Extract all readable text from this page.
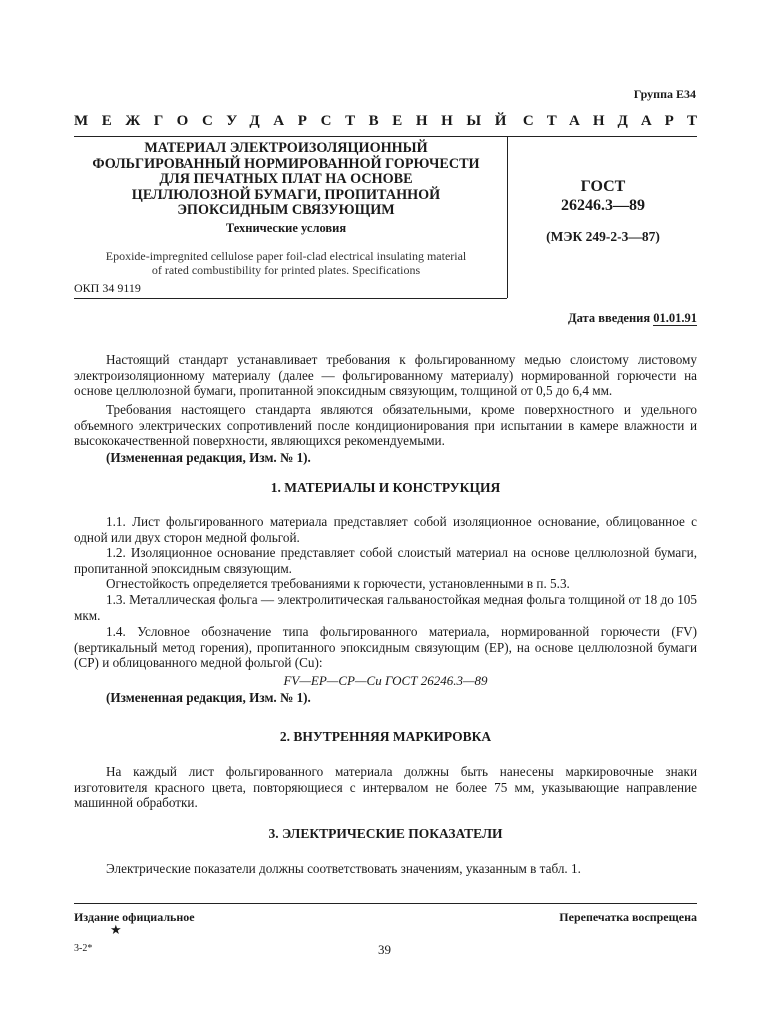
Группа Е34
МЕЖГОСУДАРСТВЕННЫЙ СТАНДАРТ
МАТЕРИАЛ ЭЛЕКТРОИЗОЛЯЦИОННЫЙ
ФОЛЬГИРОВАННЫЙ НОРМИРОВАННОЙ ГОРЮЧЕСТИ
ДЛЯ ПЕЧАТНЫХ ПЛАТ НА ОСНОВЕ
ЦЕЛЛЮЛОЗНОЙ БУМАГИ, ПРОПИТАННОЙ
ЭПОКСИДНЫМ СВЯЗУЮЩИМ
Технические условия
Epoxide-impregnited cellulose paper foil-clad electrical insulating material
of rated combustibility for printed plates. Specifications
ОКП 34 9119
ГОСТ
26246.3—89
(МЭК 249-2-3—87)
Дата введения 01.01.91
Настоящий стандарт устанавливает требования к фольгированному медью слоистому листовому электроизоляционному материалу (далее — фольгированному материалу) нормированной горючести на основе целлюлозной бумаги, пропитанной эпоксидным связующим, толщиной от 0,5 до 6,4 мм.
Требования настоящего стандарта являются обязательными, кроме поверхностного и удельного объемного электрических сопротивлений после кондиционирования при испытании в камере влажности и высококачественной поверхности, являющихся рекомендуемыми.
(Измененная редакция, Изм. № 1).
1. МАТЕРИАЛЫ И КОНСТРУКЦИЯ
1.1. Лист фольгированного материала представляет собой изоляционное основание, облицованное с одной или двух сторон медной фольгой.
1.2. Изоляционное основание представляет собой слоистый материал на основе целлюлозной бумаги, пропитанной эпоксидным связующим.
Огнестойкость определяется требованиями к горючести, установленными в п. 5.3.
1.3. Металлическая фольга — электролитическая гальваностойкая медная фольга толщиной от 18 до 105 мкм.
1.4. Условное обозначение типа фольгированного материала, нормированной горючести (FV) (вертикальный метод горения), пропитанного эпоксидным связующим (ЕР), на основе целлюлозной бумаги (СР) и облицованного медной фольгой (Cu):
FV—EP—CP—Cu ГОСТ 26246.3—89
(Измененная редакция, Изм. № 1).
2. ВНУТРЕННЯЯ МАРКИРОВКА
На каждый лист фольгированного материала должны быть нанесены маркировочные знаки изготовителя красного цвета, повторяющиеся с интервалом не более 75 мм, указывающие направление машинной обработки.
3. ЭЛЕКТРИЧЕСКИЕ ПОКАЗАТЕЛИ
Электрические показатели должны соответствовать значениям, указанным в табл. 1.
Издание официальное	Перепечатка воспрещена
★
3-2*	39
